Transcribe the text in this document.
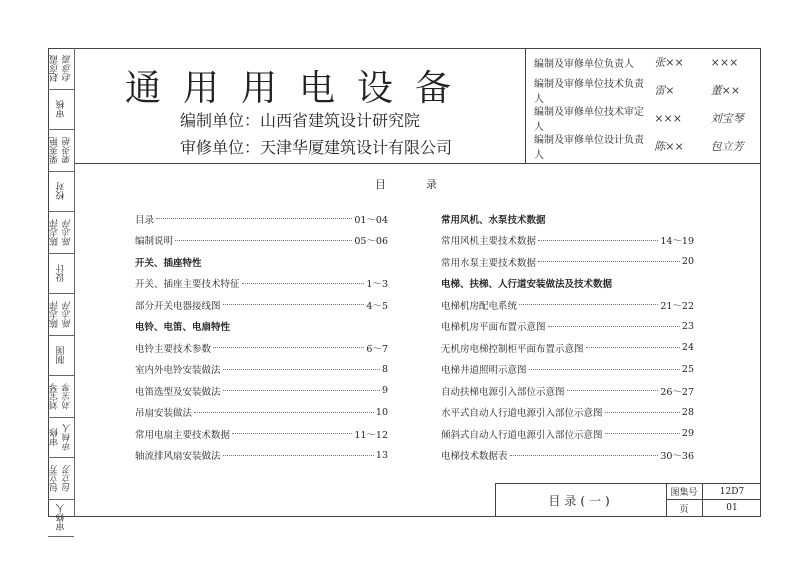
赵彦霞 赵彦霞
审核
栗英艳 栗英艳
校对
陈志萍 陈志萍
设计
陈志萍 陈志萍
制图
刘宝琴 刘宝琴
审修 审核人
包立芳 包立芳
审修人
通用用电设备
编制单位：山西省建筑设计研究院
审修单位：天津华厦建筑设计有限公司
编制及审修单位负责人	张××	×××
编制及审修单位技术负责人
雷×	董××
编制及审修单位技术审定人
×××	刘宝琴
编制及审修单位设计负责人
陈××	包立芳
目录
目录	01～04
编制说明	05～06
开关、插座特性
开关、插座主要技术特征	1～3
部分开关电器接线图	4～5
电铃、电笛、电扇特性
电铃主要技术参数	6～7
室内外电铃安装做法	8
电笛选型及安装做法	9
吊扇安装做法	10
常用电扇主要技术数据	11～12
轴流排风扇安装做法	13
常用风机、水泵技术数据
常用风机主要技术数据	14～19
常用水泵主要技术数据	20
电梯、扶梯、人行道安装做法及技术数据
电梯机房配电系统	21～22
电梯机房平面布置示意图	23
无机房电梯控制柜平面布置示意图	24
电梯井道照明示意图	25
自动扶梯电源引入部位示意图	26～27
水平式自动人行道电源引入部位示意图	28
倾斜式自动人行道电源引入部位示意图	29
电梯技术数据表	30～36
目录(一)
图集号	12D7
页	01
